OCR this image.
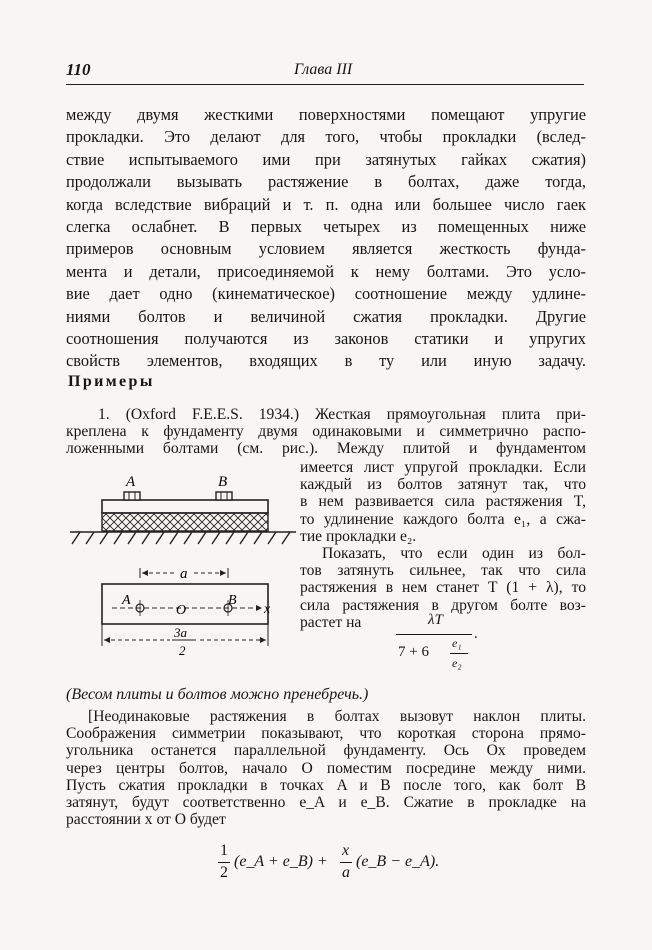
110	Глава III
между двумя жесткими поверхностями помещают упругие
прокладки. Это делают для того, чтобы прокладки (вслед-
ствие испытываемого ими при затянутых гайках сжатия)
продолжали вызывать растяжение в болтах, даже тогда,
когда вследствие вибраций и т. п. одна или большее число гаек
слегка ослабнет. В первых четырех из помещенных ниже
примеров основным условием является жесткость фунда-
мента и детали, присоединяемой к нему болтами. Это усло-
вие дает одно (кинематическое) соотношение между удлине-
ниями болтов и величиной сжатия прокладки. Другие
соотношения получаются из законов статики и упругих
свойств элементов, входящих в ту или иную задачу.
Примеры
1. (Oxford F.E.E.S. 1934.) Жесткая прямоугольная плита при-
креплена к фундаменту двумя одинаковыми и симметрично распо-
ложенными болтами (см. рис.). Между плитой и фундаментом
имеется лист упругой прокладки. Если
каждый из болтов затянут так, что
в нем развивается сила растяжения T,
то удлинение каждого болта e₁, а сжа-
тие прокладки e₂.
Показать, что если один из бол-
тов затянуть сильнее, так что сила
растяжения в нем станет T (1 + λ), то
сила растяжения в другом болте воз-
растет на	λT
7 + 6
e₁
e₂
.
A	B
a
A	B
O	x
3a
2
(Весом плиты и болтов можно пренебречь.)
[Неодинаковые растяжения в болтах вызовут наклон плиты.
Соображения симметрии показывают, что короткая сторона прямо-
угольника останется параллельной фундаменту. Ось Ox проведем
через центры болтов, начало O поместим посредине между ними.
Пусть сжатия прокладки в точках A и B после того, как болт B
затянут, будут соответственно e_A и e_B. Сжатие в прокладке на
расстоянии x от O будет
1
2
(e_A + e_B) +
x
a
(e_B − e_A).
